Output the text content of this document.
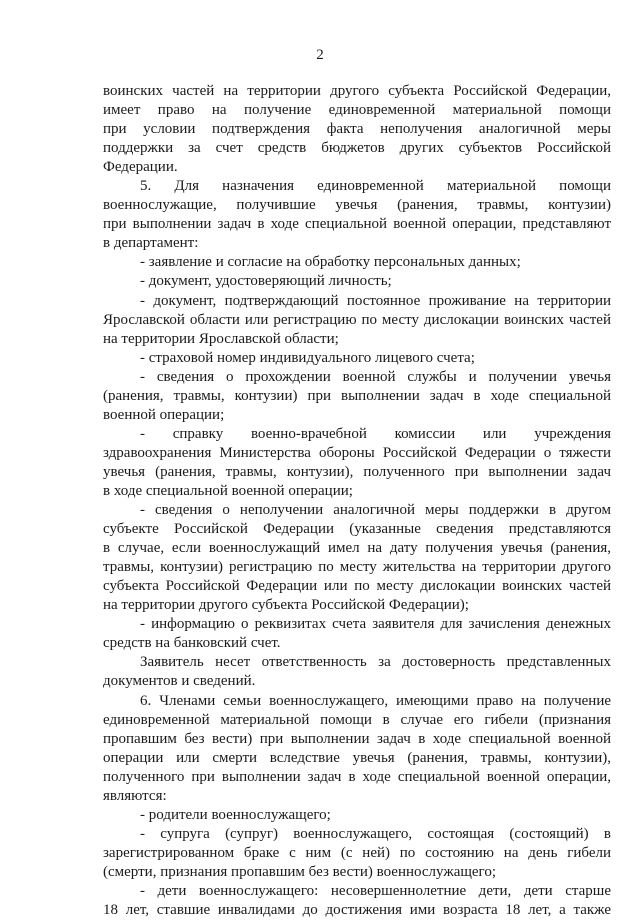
2
воинских частей на территории другого субъекта Российской Федерации,
имеет право на получение единовременной материальной помощи
при условии подтверждения факта неполучения аналогичной меры
поддержки за счет средств бюджетов других субъектов Российской
Федерации.
5. Для назначения единовременной материальной помощи
военнослужащие, получившие увечья (ранения, травмы, контузии)
при выполнении задач в ходе специальной военной операции, представляют
в департамент:
- заявление и согласие на обработку персональных данных;
- документ, удостоверяющий личность;
- документ, подтверждающий постоянное проживание на территории
Ярославской области или регистрацию по месту дислокации воинских частей
на территории Ярославской области;
- страховой номер индивидуального лицевого счета;
- сведения о прохождении военной службы и получении увечья
(ранения, травмы, контузии) при выполнении задач в ходе специальной
военной операции;
- справку военно-врачебной комиссии или учреждения
здравоохранения Министерства обороны Российской Федерации о тяжести
увечья (ранения, травмы, контузии), полученного при выполнении задач
в ходе специальной военной операции;
- сведения о неполучении аналогичной меры поддержки в другом
субъекте Российской Федерации (указанные сведения представляются
в случае, если военнослужащий имел на дату получения увечья (ранения,
травмы, контузии) регистрацию по месту жительства на территории другого
субъекта Российской Федерации или по месту дислокации воинских частей
на территории другого субъекта Российской Федерации);
- информацию о реквизитах счета заявителя для зачисления денежных
средств на банковский счет.
Заявитель несет ответственность за достоверность представленных
документов и сведений.
6. Членами семьи военнослужащего, имеющими право на получение
единовременной материальной помощи в случае его гибели (признания
пропавшим без вести) при выполнении задач в ходе специальной военной
операции или смерти вследствие увечья (ранения, травмы, контузии),
полученного при выполнении задач в ходе специальной военной операции,
являются:
- родители военнослужащего;
- супруга (супруг) военнослужащего, состоящая (состоящий) в
зарегистрированном браке с ним (с ней) по состоянию на день гибели
(смерти, признания пропавшим без вести) военнослужащего;
- дети военнослужащего: несовершеннолетние дети, дети старше
18 лет, ставшие инвалидами до достижения ими возраста 18 лет, а также
